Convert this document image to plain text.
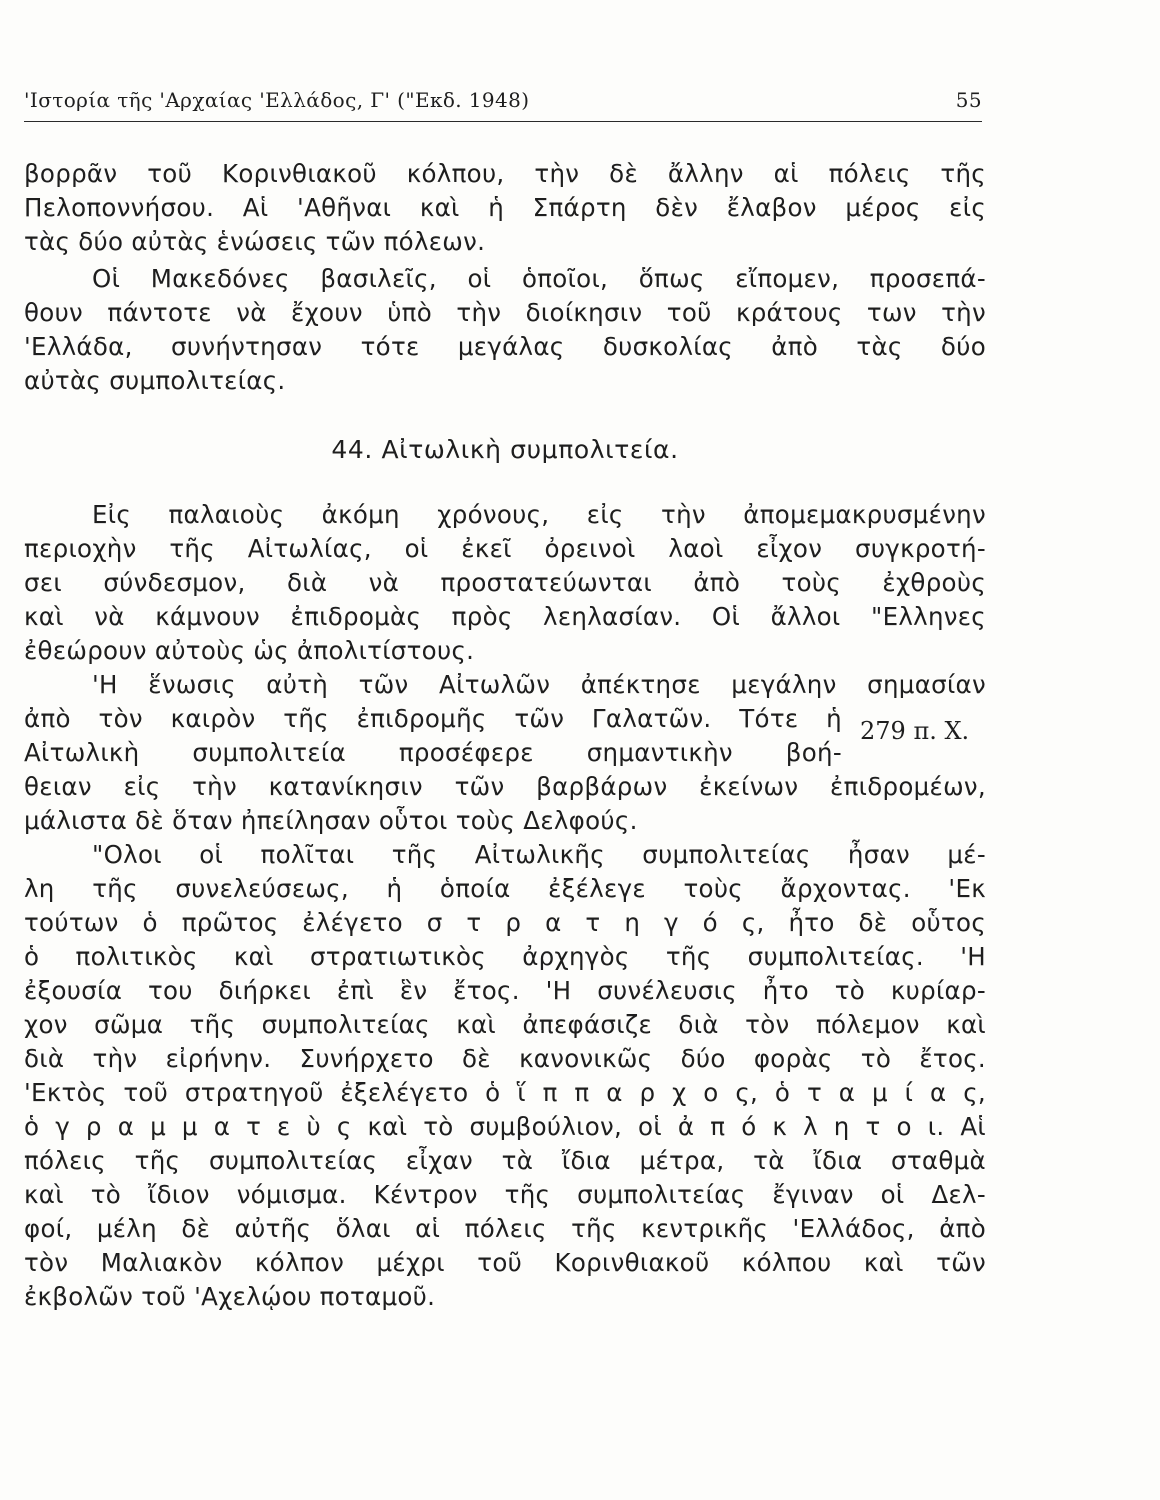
'Ιστορία τῆς 'Αρχαίας 'Ελλάδος, Γ' ("Εκδ. 1948)	55
βορρᾶν τοῦ Κορινθιακοῦ κόλπου, τὴν δὲ ἄλλην αἱ πόλεις τῆς
Πελοποννήσου. Αἱ 'Αθῆναι καὶ ἡ Σπάρτη δὲν ἔλαβον μέρος εἰς
τὰς δύο αὐτὰς ἑνώσεις τῶν πόλεων.
Οἱ Μακεδόνες βασιλεῖς, οἱ ὁποῖοι, ὅπως εἴπομεν, προσεπά-
θουν πάντοτε νὰ ἔχουν ὑπὸ τὴν διοίκησιν τοῦ κράτους των τὴν
'Ελλάδα, συνήντησαν τότε μεγάλας δυσκολίας ἀπὸ τὰς δύο
αὐτὰς συμπολιτείας.
44. Αἰτωλικὴ συμπολιτεία.
Εἰς παλαιοὺς ἀκόμη χρόνους, εἰς τὴν ἀπομεμακρυσμένην
περιοχὴν τῆς Αἰτωλίας, οἱ ἐκεῖ ὀρεινοὶ λαοὶ εἶχον συγκροτή-
σει σύνδεσμον, διὰ νὰ προστατεύωνται ἀπὸ τοὺς ἐχθροὺς
καὶ νὰ κάμνουν ἐπιδρομὰς πρὸς λεηλασίαν. Οἱ ἄλλοι "Ελληνες
ἐθεώρουν αὐτοὺς ὡς ἀπολιτίστους.
'Η ἕνωσις αὐτὴ τῶν Αἰτωλῶν ἀπέκτησε μεγάλην σημασίαν
ἀπὸ τὸν καιρὸν τῆς ἐπιδρομῆς τῶν Γαλατῶν. Τότε ἡ
Αἰτωλικὴ συμπολιτεία προσέφερε σημαντικὴν βοή-
θειαν εἰς τὴν κατανίκησιν τῶν βαρβάρων ἐκείνων ἐπιδρομέων,
μάλιστα δὲ ὅταν ἠπείλησαν οὗτοι τοὺς Δελφούς.
279 π. Χ.
"Ολοι οἱ πολῖται τῆς Αἰτωλικῆς συμπολιτείας ἦσαν μέ-
λη τῆς συνελεύσεως, ἡ ὁποία ἐξέλεγε τοὺς ἄρχοντας. 'Εκ
τούτων ὁ πρῶτος ἐλέγετο σ τ ρ α τ η γ ό ς, ἦτο δὲ οὗτος
ὁ πολιτικὸς καὶ στρατιωτικὸς ἀρχηγὸς τῆς συμπολιτείας. 'Η
ἐξουσία του διήρκει ἐπὶ ἓν ἔτος. 'Η συνέλευσις ἦτο τὸ κυρίαρ-
χον σῶμα τῆς συμπολιτείας καὶ ἀπεφάσιζε διὰ τὸν πόλεμον καὶ
διὰ τὴν εἰρήνην. Συνήρχετο δὲ κανονικῶς δύο φορὰς τὸ ἔτος.
'Εκτὸς τοῦ στρατηγοῦ ἐξελέγετο ὁ ἵ π π α ρ χ ο ς, ὁ τ α μ ί α ς,
ὁ γ ρ α μ μ α τ ε ὺ ς καὶ τὸ συμβούλιον, οἱ ἀ π ό κ λ η τ ο ι. Αἱ
πόλεις τῆς συμπολιτείας εἶχαν τὰ ἴδια μέτρα, τὰ ἴδια σταθμὰ
καὶ τὸ ἴδιον νόμισμα. Κέντρον τῆς συμπολιτείας ἔγιναν οἱ Δελ-
φοί, μέλη δὲ αὐτῆς ὅλαι αἱ πόλεις τῆς κεντρικῆς 'Ελλάδος, ἀπὸ
τὸν Μαλιακὸν κόλπον μέχρι τοῦ Κορινθιακοῦ κόλπου καὶ τῶν
ἐκβολῶν τοῦ 'Αχελῴου ποταμοῦ.
